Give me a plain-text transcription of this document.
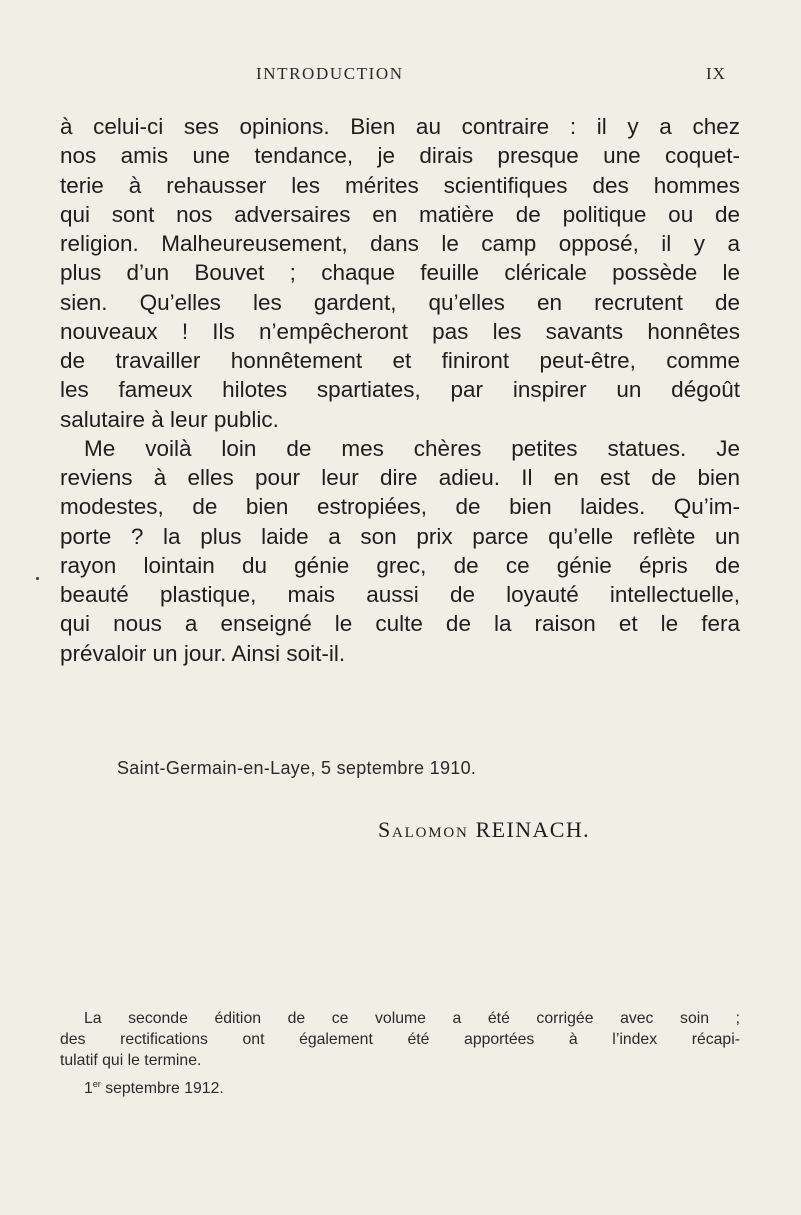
INTRODUCTION	IX
à celui-ci ses opinions. Bien au contraire : il y a chez
nos amis une tendance, je dirais presque une coquet-
terie à rehausser les mérites scientifiques des hommes
qui sont nos adversaires en matière de politique ou de
religion. Malheureusement, dans le camp opposé, il y a
plus d’un Bouvet ; chaque feuille cléricale possède le
sien. Qu’elles les gardent, qu’elles en recrutent de
nouveaux ! Ils n’empêcheront pas les savants honnêtes
de travailler honnêtement et finiront peut-être, comme
les fameux hilotes spartiates, par inspirer un dégoût
salutaire à leur public.
Me voilà loin de mes chères petites statues. Je
reviens à elles pour leur dire adieu. Il en est de bien
modestes, de bien estropiées, de bien laides. Qu’im-
porte ? la plus laide a son prix parce qu’elle reflète un
rayon lointain du génie grec, de ce génie épris de
beauté plastique, mais aussi de loyauté intellectuelle,
qui nous a enseigné le culte de la raison et le fera
prévaloir un jour. Ainsi soit-il.
Saint-Germain-en-Laye, 5 septembre 1910.
Salomon REINACH.
La seconde édition de ce volume a été corrigée avec soin ;
des rectifications ont également été apportées à l’index récapi-
tulatif qui le termine.
1er septembre 1912.
